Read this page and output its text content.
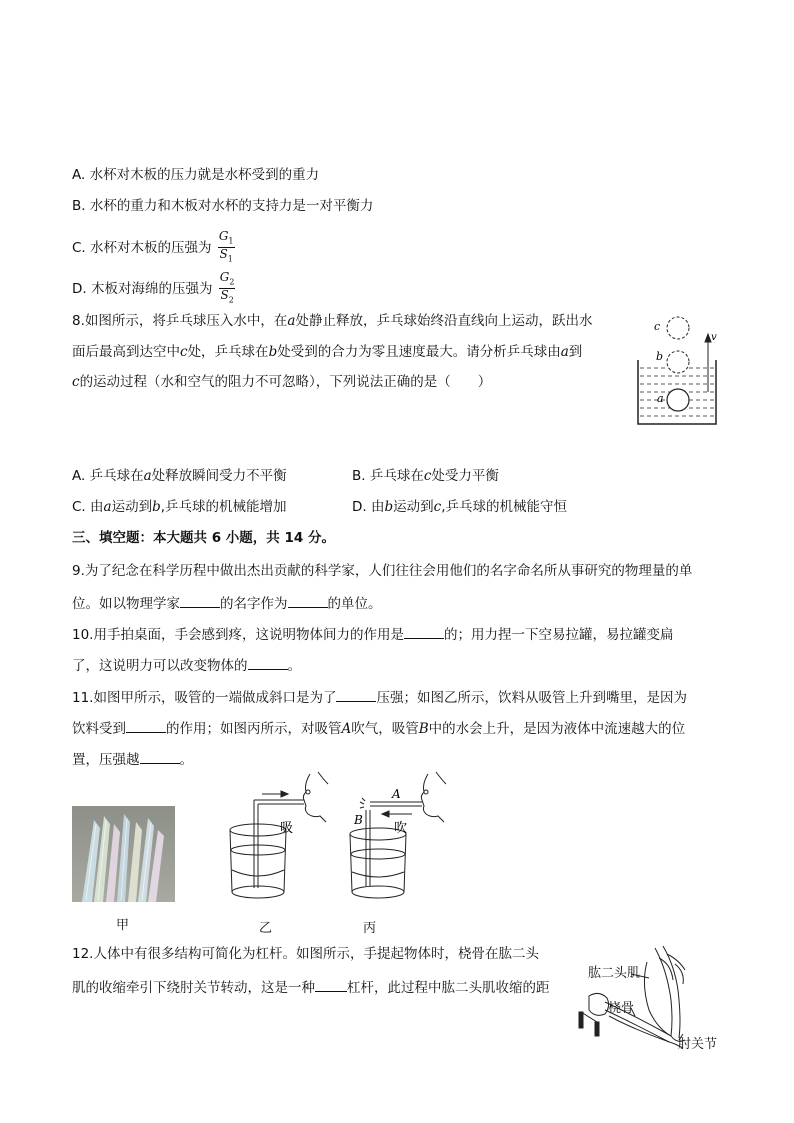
A. 水杯对木板的压力就是水杯受到的重力
B. 水杯的重力和木板对水杯的支持力是一对平衡力
C. 水杯对木板的压强为 $\frac{G_1}{S_1}$
D. 木板对海绵的压强为 $\frac{G_2}{S_2}$
8.如图所示，将乒乓球压入水中，在a处静止释放，乒乓球始终沿直线向上运动，跃出水
面后最高到达空中c处，乒乓球在b处受到的合力为零且速度最大。请分析乒乓球由a到
c的运动过程（水和空气的阻力不可忽略），下列说法正确的是（　　）
c
b
a
v
A. 乒乓球在a处释放瞬间受力不平衡	B. 乒乓球在c处受力平衡
C. 由a运动到b,乒乓球的机械能增加	D. 由b运动到c,乒乓球的机械能守恒
三、填空题：本大题共 6 小题，共 14 分。
9.为了纪念在科学历程中做出杰出贡献的科学家，人们往往会用他们的名字命名所从事研究的物理量的单
位。如以物理学家	的名字作为	的单位。
10.用手拍桌面，手会感到疼，这说明物体间力的作用是	的；用力捏一下空易拉罐，易拉罐变扁
了，这说明力可以改变物体的	。
11.如图甲所示，吸管的一端做成斜口是为了	压强；如图乙所示，饮料从吸管上升到嘴里，是因为
饮料受到	的作用；如图丙所示，对吸管A吹气，吸管B中的水会上升，是因为液体中流速越大的位
置，压强越	。
甲
吸
乙
A
B
吹
丙
12.人体中有很多结构可简化为杠杆。如图所示，手提起物体时，桡骨在肱二头
肌的收缩牵引下绕肘关节转动，这是一种 杠杆，此过程中肱二头肌收缩的距
肱二头肌
桡骨
肘关节
